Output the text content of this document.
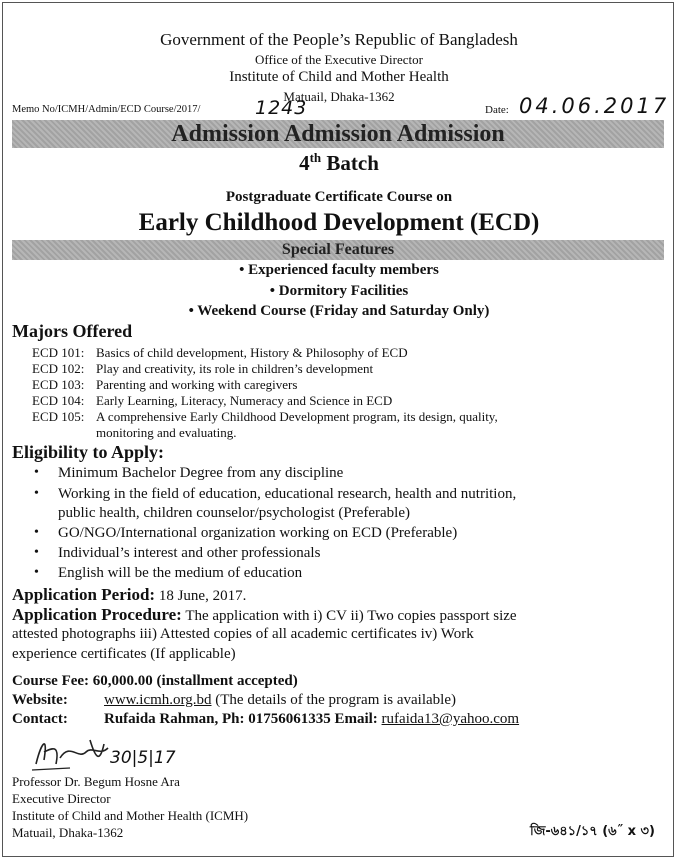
Government of the People’s Republic of Bangladesh
Office of the Executive Director
Institute of Child and Mother Health
Matuail, Dhaka-1362
Memo No/ICMH/Admin/ECD Course/2017/	1243	Date: 04.06.2017
Admission Admission Admission
4th Batch
Postgraduate Certificate Course on
Early Childhood Development (ECD)
Special Features
• Experienced faculty members
• Dormitory Facilities
• Weekend Course (Friday and Saturday Only)
Majors Offered
ECD 101: Basics of child development, History & Philosophy of ECD
ECD 102: Play and creativity, its role in children’s development
ECD 103: Parenting and working with caregivers
ECD 104: Early Learning, Literacy, Numeracy and Science in ECD
ECD 105: A comprehensive Early Childhood Development program, its design, quality,
monitoring and evaluating.
Eligibility to Apply:
• Minimum Bachelor Degree from any discipline
• Working in the field of education, educational research, health and nutrition,
public health, children counselor/psychologist (Preferable)
• GO/NGO/International organization working on ECD (Preferable)
• Individual’s interest and other professionals
• English will be the medium of education
Application Period: 18 June, 2017.
Application Procedure: The application with i) CV ii) Two copies passport size
attested photographs iii) Attested copies of all academic certificates iv) Work
experience certificates (If applicable)
Course Fee: 60,000.00 (installment accepted)
Website: www.icmh.org.bd (The details of the program is available)
Contact: Rufaida Rahman, Ph: 01756061335 Email: rufaida13@yahoo.com
30|5|17
Professor Dr. Begum Hosne Ara
Executive Director
Institute of Child and Mother Health (ICMH)
Matuail, Dhaka-1362	জি-৬৪১/১৭ (৬˝ x ৩)
